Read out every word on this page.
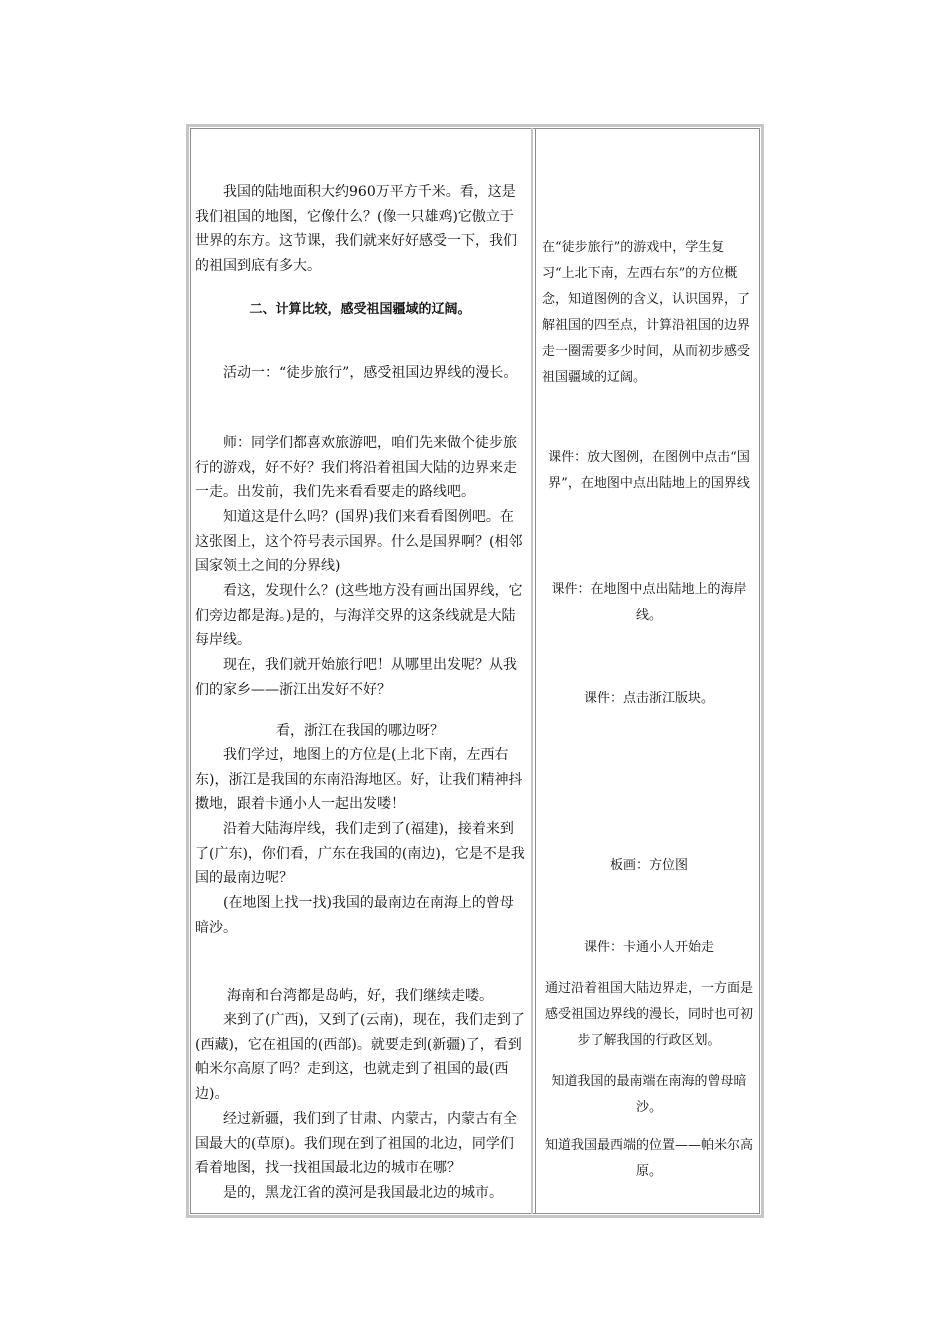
我国的陆地面积大约960万平方千米。看，这是我们祖国的地图，它像什么？(像一只雄鸡)它傲立于世界的东方。这节课，我们就来好好感受一下，我们的祖国到底有多大。

二、计算比较，感受祖国疆域的辽阔。

活动一：“徒步旅行”，感受祖国边界线的漫长。

师：同学们都喜欢旅游吧，咱们先来做个徒步旅行的游戏，好不好？我们将沿着祖国大陆的边界来走一走。出发前，我们先来看看要走的路线吧。

知道这是什么吗？(国界)我们来看看图例吧。在这张图上，这个符号表示国界。什么是国界啊？(相邻国家领土之间的分界线)

看这，发现什么？(这些地方没有画出国界线，它们旁边都是海。)是的，与海洋交界的这条线就是大陆每岸线。

现在，我们就开始旅行吧！从哪里出发呢？从我们的家乡——浙江出发好不好？

看，浙江在我国的哪边呀？

我们学过，地图上的方位是(上北下南，左西右东)，浙江是我国的东南沿海地区。好，让我们精神抖擞地，跟着卡通小人一起出发喽！

沿着大陆海岸线，我们走到了(福建)，接着来到了(广东)，你们看，广东在我国的(南边)，它是不是我国的最南边呢？

(在地图上找一找)我国的最南边在南海上的曾母暗沙。

海南和台湾都是岛屿，好，我们继续走喽。

来到了(广西)，又到了(云南)，现在，我们走到了(西藏)，它在祖国的(西部)。就要走到(新疆)了，看到帕米尔高原了吗？走到这，也就走到了祖国的最(西边)。

经过新疆，我们到了甘肃、内蒙古，内蒙古有全国最大的(草原)。我们现在到了祖国的北边，同学们看着地图，找一找祖国最北边的城市在哪？

是的，黑龙江省的漠河是我国最北边的城市。

在“徒步旅行”的游戏中，学生复习“上北下南，左西右东”的方位概念，知道图例的含义，认识国界，了解祖国的四至点，计算沿祖国的边界走一圈需要多少时间，从而初步感受祖国疆域的辽阔。

课件：放大图例，在图例中点击“国界”，在地图中点出陆地上的国界线

课件：在地图中点出陆地上的海岸线。

课件：点击浙江版块。

板画：方位图

课件：卡通小人开始走

通过沿着祖国大陆边界走，一方面是感受祖国边界线的漫长，同时也可初步了解我国的行政区划。

知道我国的最南端在南海的曾母暗沙。

知道我国最西端的位置——帕米尔高原。
